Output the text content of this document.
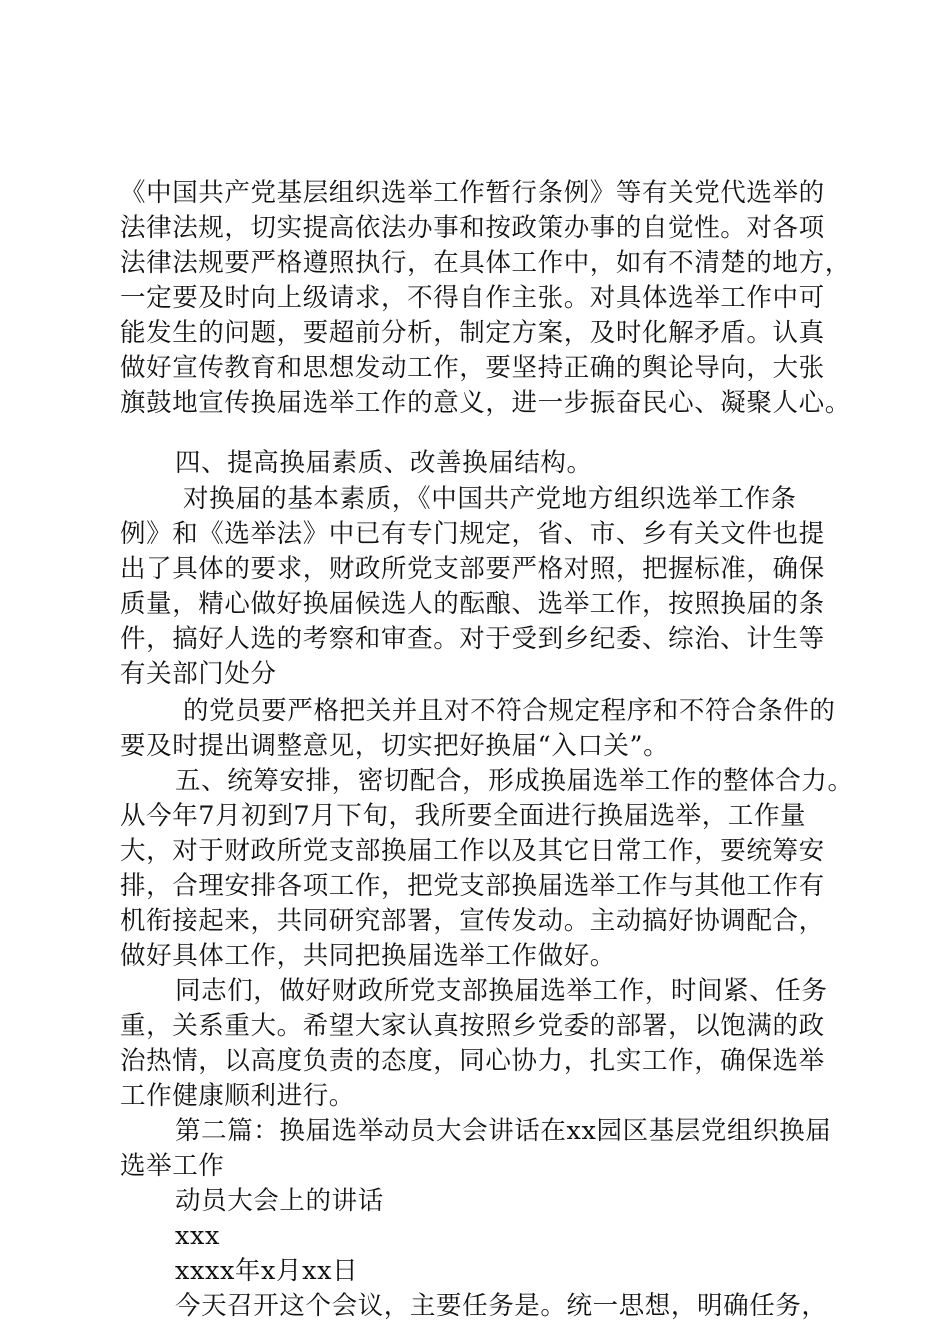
《中国共产党基层组织选举工作暂行条例》等有关党代选举的
法律法规，切实提高依法办事和按政策办事的自觉性。对各项
法律法规要严格遵照执行，在具体工作中，如有不清楚的地方，
一定要及时向上级请求，不得自作主张。对具体选举工作中可
能发生的问题，要超前分析，制定方案，及时化解矛盾。认真
做好宣传教育和思想发动工作，要坚持正确的舆论导向，大张
旗鼓地宣传换届选举工作的意义，进一步振奋民心、凝聚人心。
四、提高换届素质、改善换届结构。
对换届的基本素质，《中国共产党地方组织选举工作条
例》和《选举法》中已有专门规定，省、市、乡有关文件也提
出了具体的要求，财政所党支部要严格对照，把握标准，确保
质量，精心做好换届候选人的酝酿、选举工作，按照换届的条
件，搞好人选的考察和审查。对于受到乡纪委、综治、计生等
有关部门处分
的党员要严格把关并且对不符合规定程序和不符合条件的
要及时提出调整意见，切实把好换届“入口关”。
五、统筹安排，密切配合，形成换届选举工作的整体合力。
从今年7月初到7月下旬，我所要全面进行换届选举，工作量
大，对于财政所党支部换届工作以及其它日常工作，要统筹安
排，合理安排各项工作，把党支部换届选举工作与其他工作有
机衔接起来，共同研究部署，宣传发动。主动搞好协调配合，
做好具体工作，共同把换届选举工作做好。
同志们，做好财政所党支部换届选举工作，时间紧、任务
重，关系重大。希望大家认真按照乡党委的部署，以饱满的政
治热情，以高度负责的态度，同心协力，扎实工作，确保选举
工作健康顺利进行。
第二篇：换届选举动员大会讲话在xx园区基层党组织换届
选举工作
动员大会上的讲话
xxx
xxxx年x月xx日
今天召开这个会议，主要任务是。统一思想，明确任务，
